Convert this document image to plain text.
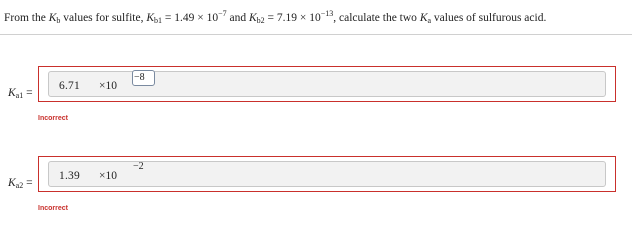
From the $K_b$ values for sulfite, $K_{b1} = 1.49 \times 10^{-7}$ and $K_{b2} = 7.19 \times 10^{-13}$, calculate the two $K_a$ values of sulfurous acid.
$K_{a1}$ =
6.71 ×10
−8
Incorrect
$K_{a2}$ =
1.39 ×10
−2
Incorrect
